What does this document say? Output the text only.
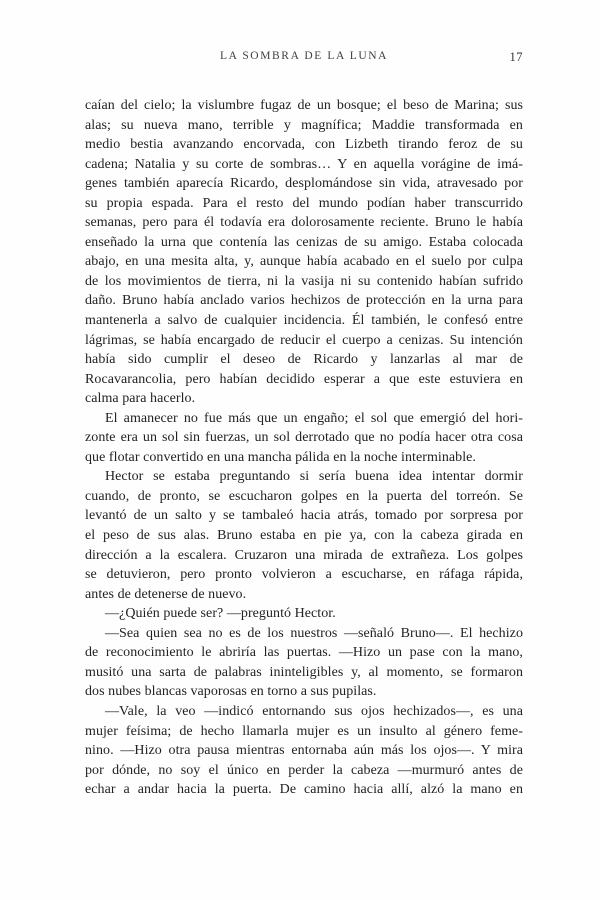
LA SOMBRA DE LA LUNA	17
caían del cielo; la vislumbre fugaz de un bosque; el beso de Marina; sus
alas; su nueva mano, terrible y magnífica; Maddie transformada en
medio bestia avanzando encorvada, con Lizbeth tirando feroz de su
cadena; Natalia y su corte de sombras… Y en aquella vorágine de imá-
genes también aparecía Ricardo, desplomándose sin vida, atravesado por
su propia espada. Para el resto del mundo podían haber transcurrido
semanas, pero para él todavía era dolorosamente reciente. Bruno le había
enseñado la urna que contenía las cenizas de su amigo. Estaba colocada
abajo, en una mesita alta, y, aunque había acabado en el suelo por culpa
de los movimientos de tierra, ni la vasija ni su contenido habían sufrido
daño. Bruno había anclado varios hechizos de protección en la urna para
mantenerla a salvo de cualquier incidencia. Él también, le confesó entre
lágrimas, se había encargado de reducir el cuerpo a cenizas. Su intención
había sido cumplir el deseo de Ricardo y lanzarlas al mar de
Rocavarancolia, pero habían decidido esperar a que este estuviera en
calma para hacerlo.
El amanecer no fue más que un engaño; el sol que emergió del hori-
zonte era un sol sin fuerzas, un sol derrotado que no podía hacer otra cosa
que flotar convertido en una mancha pálida en la noche interminable.
Hector se estaba preguntando si sería buena idea intentar dormir
cuando, de pronto, se escucharon golpes en la puerta del torreón. Se
levantó de un salto y se tambaleó hacia atrás, tomado por sorpresa por
el peso de sus alas. Bruno estaba en pie ya, con la cabeza girada en
dirección a la escalera. Cruzaron una mirada de extrañeza. Los golpes
se detuvieron, pero pronto volvieron a escucharse, en ráfaga rápida,
antes de detenerse de nuevo.
—¿Quién puede ser? —preguntó Hector.
—Sea quien sea no es de los nuestros —señaló Bruno—. El hechizo
de reconocimiento le abriría las puertas. —Hizo un pase con la mano,
musitó una sarta de palabras ininteligibles y, al momento, se formaron
dos nubes blancas vaporosas en torno a sus pupilas.
—Vale, la veo —indicó entornando sus ojos hechizados—, es una
mujer feísima; de hecho llamarla mujer es un insulto al género feme-
nino. —Hizo otra pausa mientras entornaba aún más los ojos—. Y mira
por dónde, no soy el único en perder la cabeza —murmuró antes de
echar a andar hacia la puerta. De camino hacia allí, alzó la mano en
